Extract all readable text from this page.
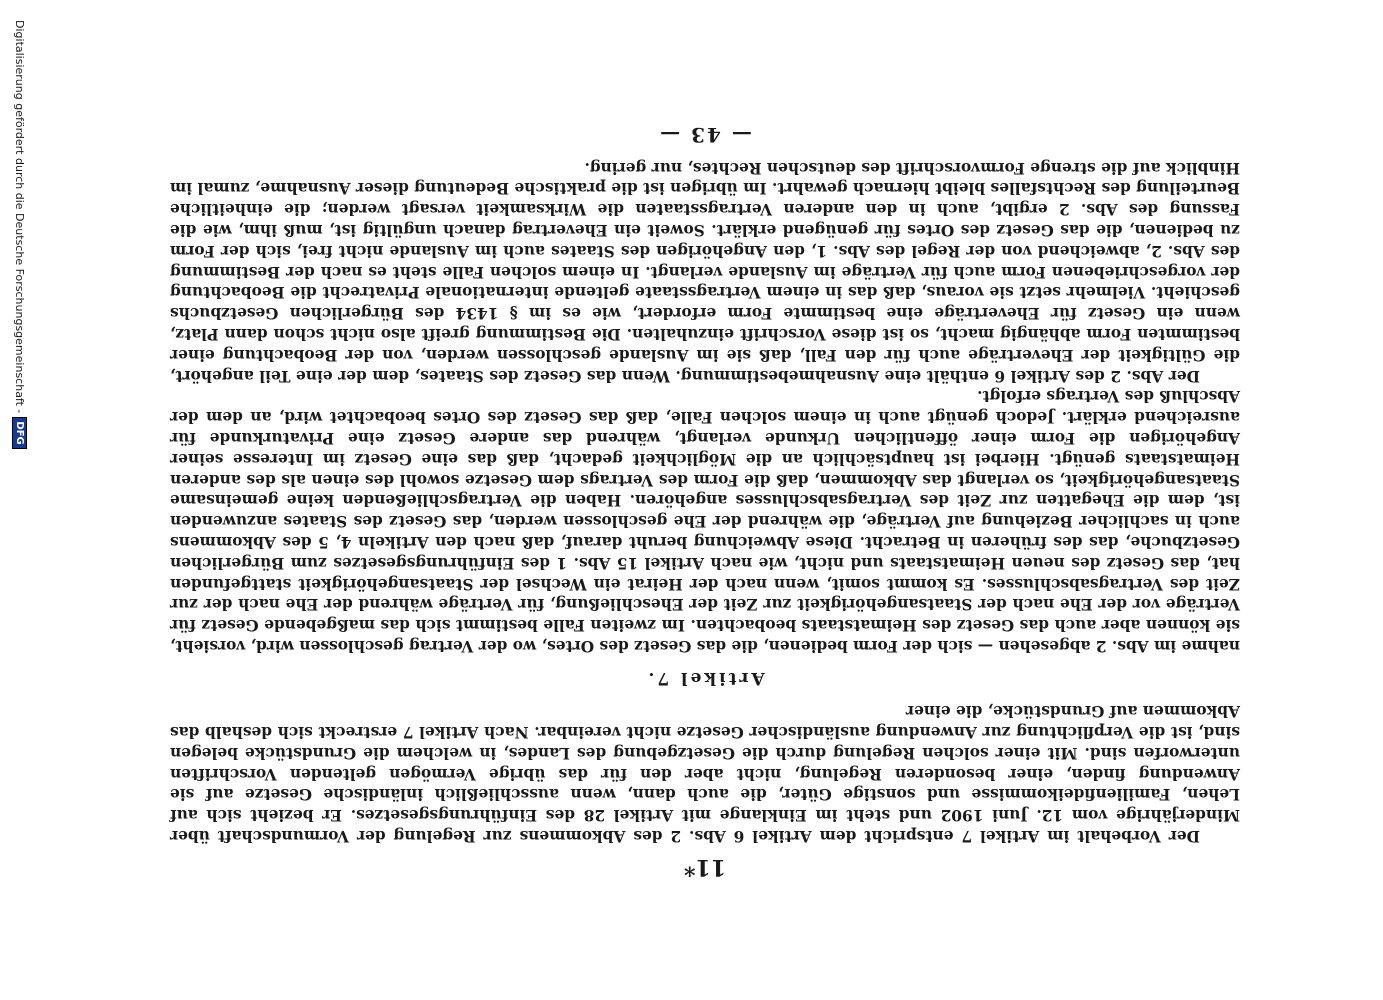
Digitalisierung gefördert durch die Deutsche Forschungsgemeinschaft -
DFG
— 43 —

nahme im Abs. 2 abgesehen — sich der Form bedienen, die das Gesetz des Ortes, wo der Vertrag geschlossen wird, vorsieht, sie können aber auch das Gesetz des Heimatstaats beobachten. Im zweiten Falle bestimmt sich das maßgebende Gesetz für Verträge vor der Ehe nach der Staatsangehörigkeit zur Zeit der Eheschließung, für Verträge während der Ehe nach der zur Zeit des Vertragsabschlusses. Es kommt somit, wenn nach der Heirat ein Wechsel der Staatsangehörigkeit stattgefunden hat, das Gesetz des neuen Heimatstaats und nicht, wie nach Artikel 15 Abs. 1 des Einführungsgesetzes zum Bürgerlichen Gesetzbuche, das des früheren in Betracht. Diese Abweichung beruht darauf, daß nach den Artikeln 4, 5 des Abkommens auch in sachlicher Beziehung auf Verträge, die während der Ehe geschlossen werden, das Gesetz des Staates anzuwenden ist, dem die Ehegatten zur Zeit des Vertragsabschlusses angehören. Haben die Vertragschließenden keine gemeinsame Staatsangehörigkeit, so verlangt das Abkommen, daß die Form des Vertrags dem Gesetze sowohl des einen als des anderen Heimatstaats genügt. Hierbei ist hauptsächlich an die Möglichkeit gedacht, daß das eine Gesetz im Interesse seiner Angehörigen die Form einer öffentlichen Urkunde verlangt, während das andere Gesetz eine Privaturkunde für ausreichend erklärt. Jedoch genügt auch in einem solchen Falle, daß das Gesetz des Ortes beobachtet wird, an dem der Abschluß des Vertrags erfolgt.

Der Abs. 2 des Artikel 6 enthält eine Ausnahmebestimmung. Wenn das Gesetz des Staates, dem der eine Teil angehört, die Gültigkeit der Eheverträge auch für den Fall, daß sie im Auslande geschlossen werden, von der Beobachtung einer bestimmten Form abhängig macht, so ist diese Vorschrift einzuhalten. Die Bestimmung greift also nicht schon dann Platz, wenn ein Gesetz für Eheverträge eine bestimmte Form erfordert, wie es im § 1434 des Bürgerlichen Gesetzbuchs geschieht. Vielmehr setzt sie voraus, daß das in einem Vertragsstaate geltende internationale Privatrecht die Beobachtung der vorgeschriebenen Form auch für Verträge im Auslande verlangt. In einem solchen Falle steht es nach der Bestimmung des Abs. 2, abweichend von der Regel des Abs. 1, den Angehörigen des Staates auch im Auslande nicht frei, sich der Form zu bedienen, die das Gesetz des Ortes für genügend erklärt. Soweit ein Ehevertrag danach ungültig ist, muß ihm, wie die Fassung des Abs. 2 ergibt, auch in den anderen Vertragsstaaten die Wirksamkeit versagt werden; die einheitliche Beurteilung des Rechtsfalles bleibt hiernach gewahrt. Im übrigen ist die praktische Bedeutung dieser Ausnahme, zumal im Hinblick auf die strenge Formvorschrift des deutschen Rechtes, nur gering.

Artikel 7.

Der Vorbehalt im Artikel 7 entspricht dem Artikel 6 Abs. 2 des Abkommens zur Regelung der Vormundschaft über Minderjährige vom 12. Juni 1902 und steht im Einklange mit Artikel 28 des Einführungsgesetzes. Er bezieht sich auf Lehen, Familienfideikommisse und sonstige Güter, die auch dann, wenn ausschließlich inländische Gesetze auf sie Anwendung finden, einer besonderen Regelung, nicht aber den für das übrige Vermögen geltenden Vorschriften unterworfen sind. Mit einer solchen Regelung durch die Gesetzgebung des Landes, in welchem die Grundstücke belegen sind, ist die Verpflichtung zur Anwendung ausländischer Gesetze nicht vereinbar. Nach Artikel 7 erstreckt sich deshalb das Abkommen auf Grundstücke, die einer

11*
